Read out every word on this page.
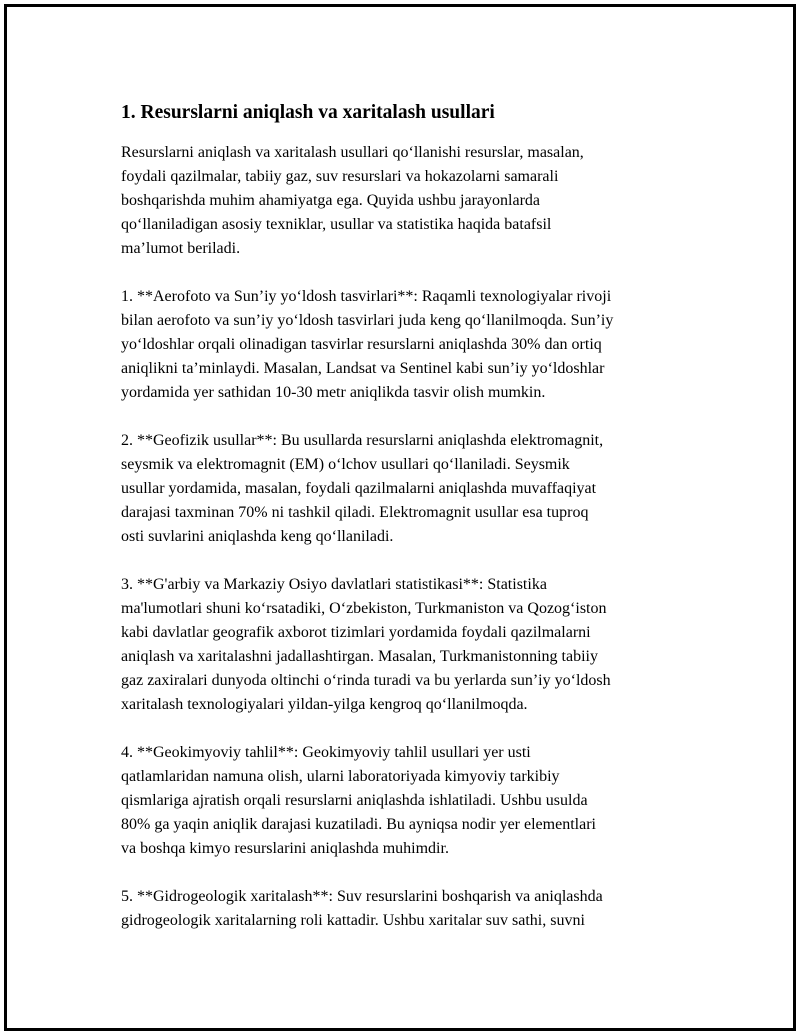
1. Resurslarni aniqlash va xaritalash usullari

Resurslarni aniqlash va xaritalash usullari qo‘llanishi resurslar, masalan,
foydali qazilmalar, tabiiy gaz, suv resurslari va hokazolarni samarali
boshqarishda muhim ahamiyatga ega. Quyida ushbu jarayonlarda
qo‘llaniladigan asosiy texniklar, usullar va statistika haqida batafsil
ma’lumot beriladi.

1. **Aerofoto va Sun’iy yo‘ldosh tasvirlari**: Raqamli texnologiyalar rivoji
bilan aerofoto va sun’iy yo‘ldosh tasvirlari juda keng qo‘llanilmoqda. Sun’iy
yo‘ldoshlar orqali olinadigan tasvirlar resurslarni aniqlashda 30% dan ortiq
aniqlikni ta’minlaydi. Masalan, Landsat va Sentinel kabi sun’iy yo‘ldoshlar
yordamida yer sathidan 10-30 metr aniqlikda tasvir olish mumkin.

2. **Geofizik usullar**: Bu usullarda resurslarni aniqlashda elektromagnit,
seysmik va elektromagnit (EM) o‘lchov usullari qo‘llaniladi. Seysmik
usullar yordamida, masalan, foydali qazilmalarni aniqlashda muvaffaqiyat
darajasi taxminan 70% ni tashkil qiladi. Elektromagnit usullar esa tuproq
osti suvlarini aniqlashda keng qo‘llaniladi.

3. **G'arbiy va Markaziy Osiyo davlatlari statistikasi**: Statistika
ma'lumotlari shuni ko‘rsatadiki, O‘zbekiston, Turkmaniston va Qozog‘iston
kabi davlatlar geografik axborot tizimlari yordamida foydali qazilmalarni
aniqlash va xaritalashni jadallashtirgan. Masalan, Turkmanistonning tabiiy
gaz zaxiralari dunyoda oltinchi o‘rinda turadi va bu yerlarda sun’iy yo‘ldosh
xaritalash texnologiyalari yildan-yilga kengroq qo‘llanilmoqda.

4. **Geokimyoviy tahlil**: Geokimyoviy tahlil usullari yer usti
qatlamlaridan namuna olish, ularni laboratoriyada kimyoviy tarkibiy
qismlariga ajratish orqali resurslarni aniqlashda ishlatiladi. Ushbu usulda
80% ga yaqin aniqlik darajasi kuzatiladi. Bu ayniqsa nodir yer elementlari
va boshqa kimyo resurslarini aniqlashda muhimdir.

5. **Gidrogeologik xaritalash**: Suv resurslarini boshqarish va aniqlashda
gidrogeologik xaritalarning roli kattadir. Ushbu xaritalar suv sathi, suvni
